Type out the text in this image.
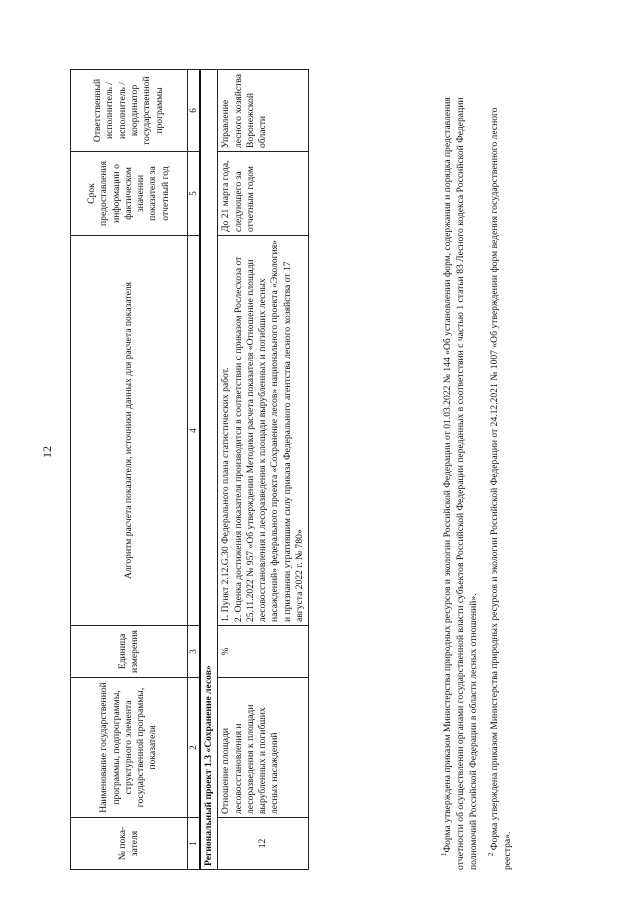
12
№ пока-зателя	Наименование государственной программы, подпрограммы, структурного элемента государственной программы, показателя	Единица измерения	Алгоритм расчета показателя, источники данных для расчета показателя	Срок предоставления информации о фактическом значении показателя за отчетный год	Ответственный исполнитель / исполнитель / координатор государственной программы
1	2	3	4	5	6
Региональный проект 1.3 «Сохранение лесов»					
12	Отношение площади лесовосстановления и лесоразведения к площади вырубленных и погибших лесных насаждений	%	1. Пункт 2.12.G.30 Федерального плана статистических работ.
2. Оценка достижения показателя производится в соответствии с приказом Рослесхоза от 25.11.2022 № 957 «Об утверждении Методики расчета показателя «Отношение площади лесовосстановления и лесоразведения к площади вырубленных и погибших лесных насаждений» федерального проекта «Сохранение лесов» национального проекта «Экология» и признании утратившим силу приказа Федерального агентства лесного хозяйства от 17 августа 2022 г. № 780»	До 21 марта года, следующего за отчетным годом	Управление лесного хозяйства Воронежской области

$^1$Форма утверждена приказом Министерства природных ресурсов и экологии Российской Федерации от 01.03.2022 № 144 «Об установлении форм, содержания и порядка представления отчетности об осуществлении органами государственной власти субъектов Российской Федерации переданных в соответствии с частью 1 статьи 83 Лесного кодекса Российской Федерации полномочий Российской Федерации в области лесных отношений». $^2$ Форма утверждена приказом Министерства природных ресурсов и экологии Российской Федерации от 24.12.2021 № 1007 «Об утверждении форм ведения государственного лесного реестра».
